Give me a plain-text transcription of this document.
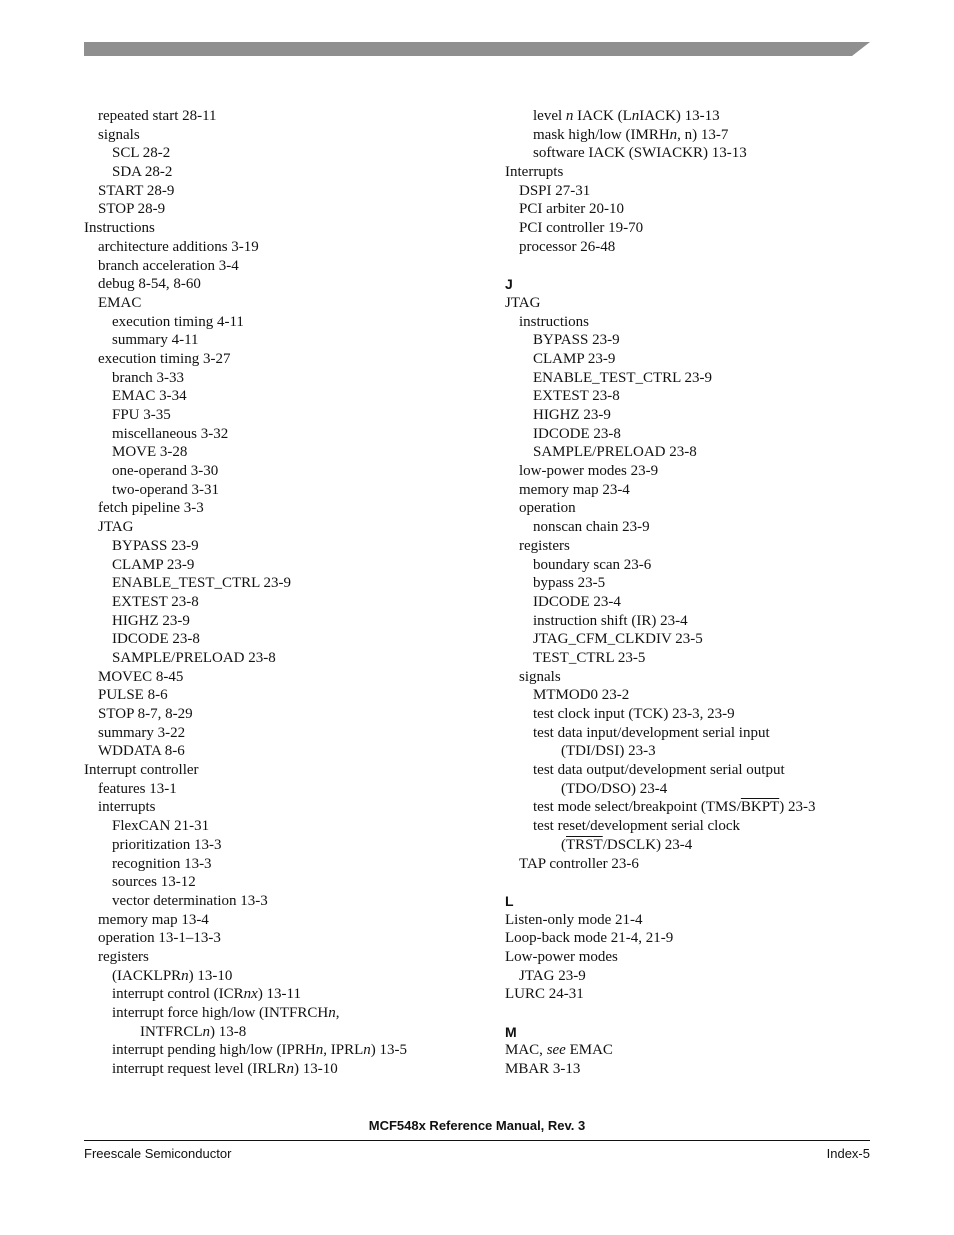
repeated start 28-11
signals
SCL 28-2
SDA 28-2
START 28-9
STOP 28-9
Instructions
architecture additions 3-19
branch acceleration 3-4
debug 8-54, 8-60
EMAC
execution timing 4-11
summary 4-11
execution timing 3-27
branch 3-33
EMAC 3-34
FPU 3-35
miscellaneous 3-32
MOVE 3-28
one-operand 3-30
two-operand 3-31
fetch pipeline 3-3
JTAG
BYPASS 23-9
CLAMP 23-9
ENABLE_TEST_CTRL 23-9
EXTEST 23-8
HIGHZ 23-9
IDCODE 23-8
SAMPLE/PRELOAD 23-8
MOVEC 8-45
PULSE 8-6
STOP 8-7, 8-29
summary 3-22
WDDATA 8-6
Interrupt controller
features 13-1
interrupts
FlexCAN 21-31
prioritization 13-3
recognition 13-3
sources 13-12
vector determination 13-3
memory map 13-4
operation 13-1–13-3
registers
(IACKLPRn) 13-10
interrupt control (ICRnx) 13-11
interrupt force high/low (INTFRCHn,
INTFRCLn) 13-8
interrupt pending high/low (IPRHn, IPRLn) 13-5
interrupt request level (IRLRn) 13-10
level n IACK (LnIACK) 13-13
mask high/low (IMRHn, n) 13-7
software IACK (SWIACKR) 13-13
Interrupts
DSPI 27-31
PCI arbiter 20-10
PCI controller 19-70
processor 26-48
J
JTAG
instructions
BYPASS 23-9
CLAMP 23-9
ENABLE_TEST_CTRL 23-9
EXTEST 23-8
HIGHZ 23-9
IDCODE 23-8
SAMPLE/PRELOAD 23-8
low-power modes 23-9
memory map 23-4
operation
nonscan chain 23-9
registers
boundary scan 23-6
bypass 23-5
IDCODE 23-4
instruction shift (IR) 23-4
JTAG_CFM_CLKDIV 23-5
TEST_CTRL 23-5
signals
MTMOD0 23-2
test clock input (TCK) 23-3, 23-9
test data input/development serial input
(TDI/DSI) 23-3
test data output/development serial output
(TDO/DSO) 23-4
test mode select/breakpoint (TMS/BKPT) 23-3
test reset/development serial clock
(TRST/DSCLK) 23-4
TAP controller 23-6
L
Listen-only mode 21-4
Loop-back mode 21-4, 21-9
Low-power modes
JTAG 23-9
LURC 24-31
M
MAC, see EMAC
MBAR 3-13
MCF548x Reference Manual, Rev. 3
Freescale Semiconductor	Index-5
